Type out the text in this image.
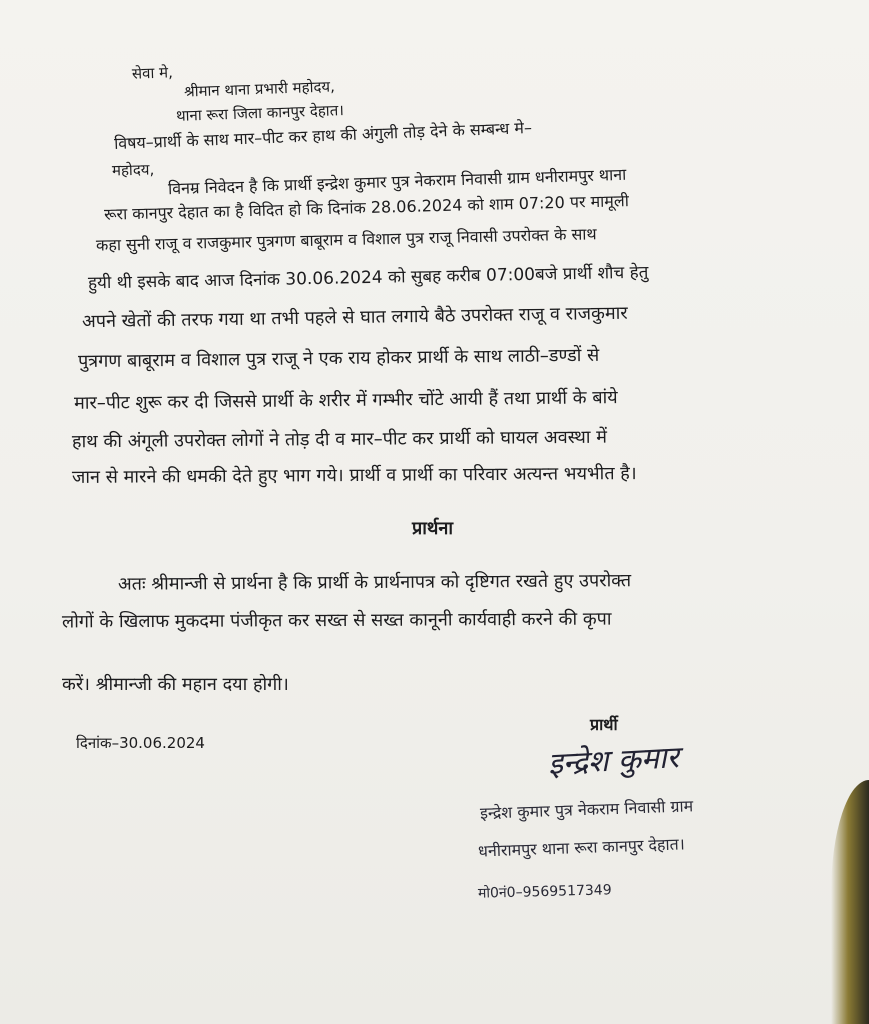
सेवा मे,

श्रीमान थाना प्रभारी महोदय,

थाना रूरा जिला कानपुर देहात।

विषय–प्रार्थी के साथ मार–पीट कर हाथ की अंगुली तोड़ देने के सम्बन्ध मे–

महोदय, विनम्र निवेदन है कि प्रार्थी इन्द्रेश कुमार पुत्र नेकराम निवासी ग्राम धनीरामपुर थाना

रूरा कानपुर देहात का है विदित हो कि दिनांक 28.06.2024 को शाम 07:20 पर मामूली

कहा सुनी राजू व राजकुमार पुत्रगण बाबूराम व विशाल पुत्र राजू निवासी उपरोक्त के साथ

हुयी थी इसके बाद आज दिनांक 30.06.2024 को सुबह करीब 07:00बजे प्रार्थी शौच हेतु

अपने खेतों की तरफ गया था तभी पहले से घात लगाये बैठे उपरोक्त राजू व राजकुमार

पुत्रगण बाबूराम व विशाल पुत्र राजू ने एक राय होकर प्रार्थी के साथ लाठी–डण्डों से

मार–पीट शुरू कर दी जिससे प्रार्थी के शरीर में गम्भीर चोंटे आयी हैं तथा प्रार्थी के बांये

हाथ की अंगूली उपरोक्त लोगों ने तोड़ दी व मार–पीट कर प्रार्थी को घायल अवस्था में

जान से मारने की धमकी देते हुए भाग गये। प्रार्थी व प्रार्थी का परिवार अत्यन्त भयभीत है।

प्रार्थना

अतः श्रीमान्जी से प्रार्थना है कि प्रार्थी के प्रार्थनापत्र को दृष्टिगत रखते हुए उपरोक्त

लोगों के खिलाफ मुकदमा पंजीकृत कर सख्त से सख्त कानूनी कार्यवाही करने की कृपा

करें। श्रीमान्जी की महान दया होगी।

दिनांक–30.06.2024

प्रार्थी

इन्द्रेश कुमार

इन्द्रेश कुमार पुत्र नेकराम निवासी ग्राम

धनीरामपुर थाना रूरा कानपुर देहात।

मो0नं0–9569517349
